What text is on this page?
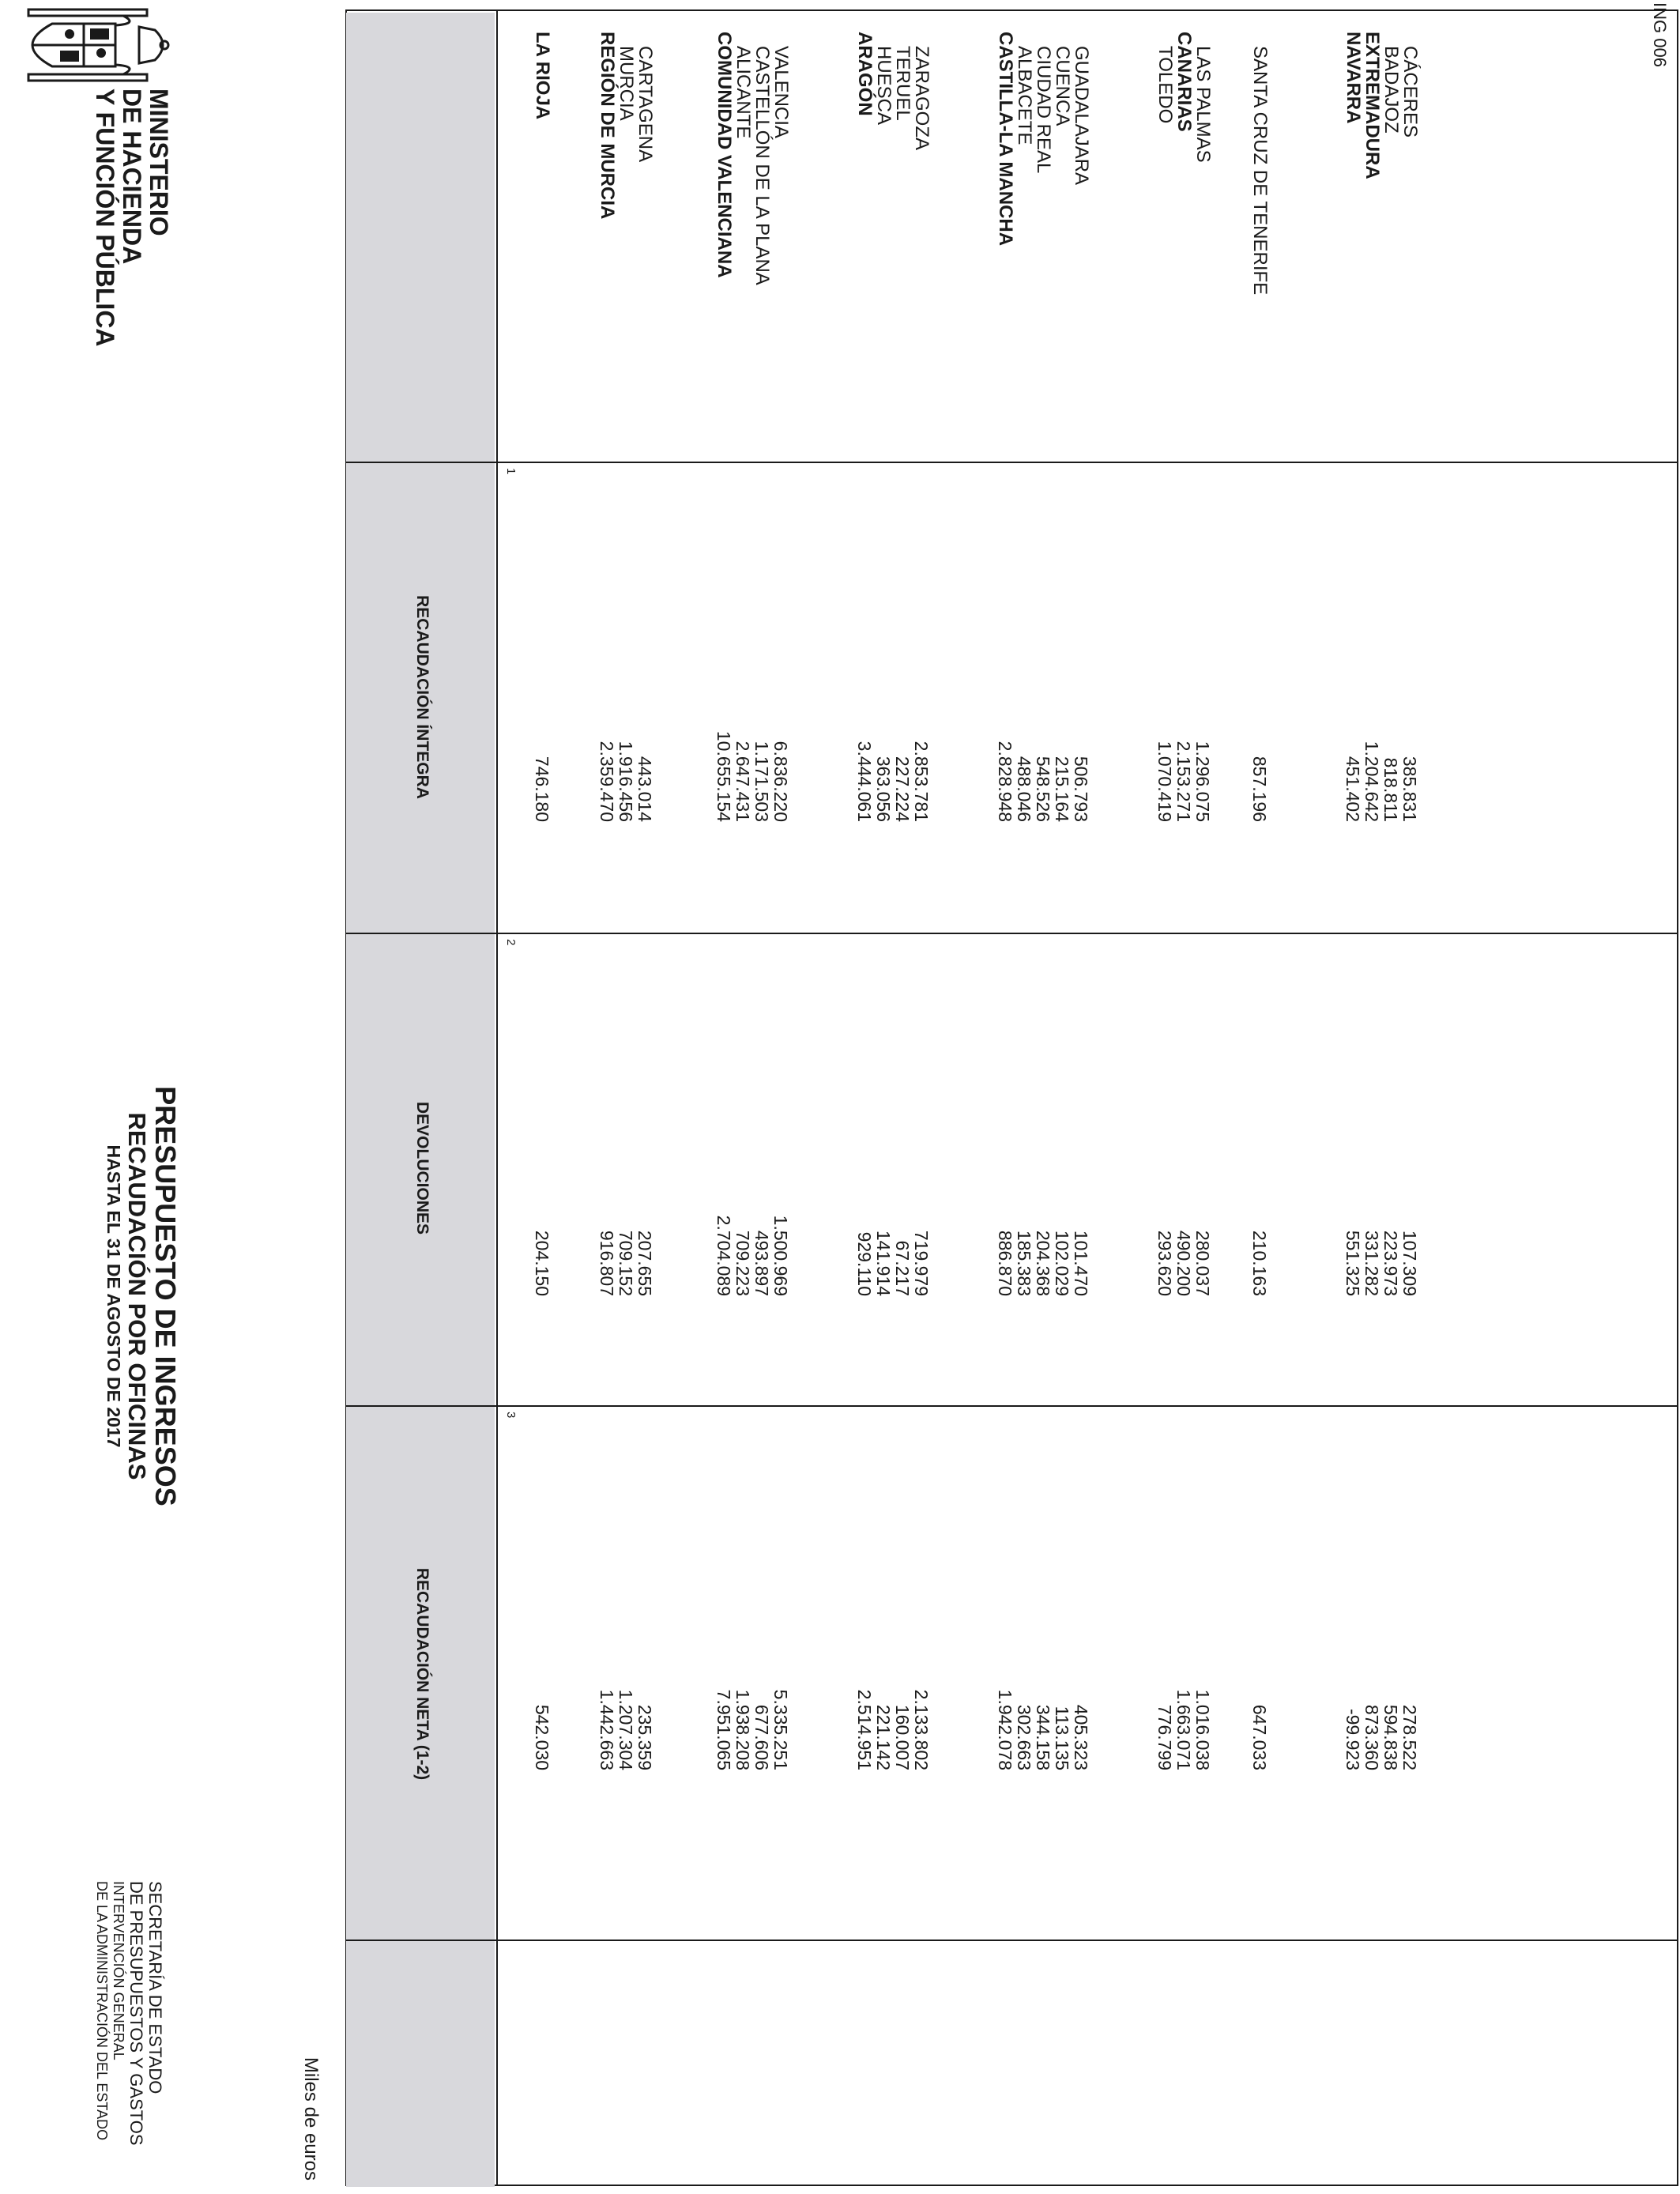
MINISTERIO
DE HACIENDA
Y FUNCIÓN PÚBLICA
PRESUPUESTO DE INGRESOS
RECAUDACIÓN POR OFICINAS
HASTA EL 31 DE AGOSTO DE 2017
SECRETARÍA DE ESTADO
DE PRESUPUESTOS Y GASTOS
INTERVENCIÓN GENERAL
DE LA ADMINISTRACIÓN DEL ESTADO	Miles de euros
RECAUDACIÓN ÍNTEGRA
DEVOLUCIONES
RECAUDACIÓN NETA (1-2)
1
2
3
LA RIOJA
746.180
204.150
542.030
REGIÓN DE MURCIA
2.359.470
916.807
1.442.663
MURCIA
1.916.456
709.152
1.207.304
CARTAGENA
443.014
207.655
235.359
COMUNIDAD VALENCIANA
10.655.154
2.704.089
7.951.065
ALICANTE
2.647.431
709.223
1.938.208
CASTELLÓN DE LA PLANA
1.171.503
493.897
677.606
VALENCIA
6.836.220
1.500.969
5.335.251
ARAGÓN
3.444.061
929.110
2.514.951
HUESCA
363.056
141.914
221.142
TERUEL
227.224
67.217
160.007
ZARAGOZA
2.853.781
719.979
2.133.802
CASTILLA-LA MANCHA
2.828.948
886.870
1.942.078
ALBACETE
488.046
185.383
302.663
CIUDAD REAL
548.526
204.368
344.158
CUENCA
215.164
102.029
113.135
GUADALAJARA
506.793
101.470
405.323
TOLEDO
1.070.419
293.620
776.799
CANARIAS
2.153.271
490.200
1.663.071
LAS PALMAS
1.296.075
280.037
1.016.038
SANTA CRUZ DE TENERIFE
857.196
210.163
647.033
NAVARRA
451.402
551.325
-99.923
EXTREMADURA
1.204.642
331.282
873.360
BADAJOZ
818.811
223.973
594.838
CÁCERES
385.831
107.309
278.522
ING 006
